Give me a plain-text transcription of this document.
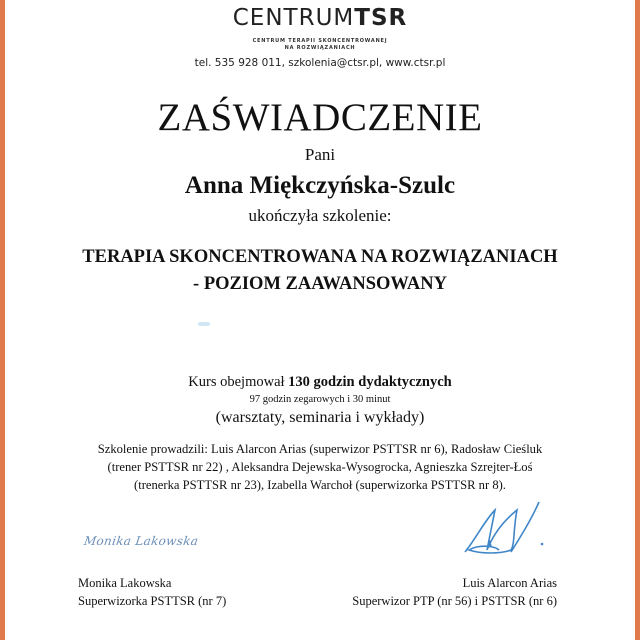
CENTRUMTSR
CENTRUM TERAPII SKONCENTROWANEJ
NA ROZWIĄZANIACH
tel. 535 928 011, szkolenia@ctsr.pl, www.ctsr.pl
ZAŚWIADCZENIE
Pani
Anna Miękczyńska-Szulc
ukończyła szkolenie:
TERAPIA SKONCENTROWANA NA ROZWIĄZANIACH
- POZIOM ZAAWANSOWANY
Kurs obejmował 130 godzin dydaktycznych
97 godzin zegarowych i 30 minut
(warsztaty, seminaria i wykłady)
Szkolenie prowadzili: Luis Alarcon Arias (superwizor PSTTSR nr 6), Radosław Cieśluk
(trener PSTTSR nr 22) , Aleksandra Dejewska-Wysogrocka, Agnieszka Szrejter-Łoś
(trenerka PSTTSR nr 23), Izabella Warchoł (superwizorka PSTTSR nr 8).
Monika Lakowska
Monika Lakowska
Superwizorka PSTTSR (nr 7)
Luis Alarcon Arias
Superwizor PTP (nr 56) i PSTTSR (nr 6)
